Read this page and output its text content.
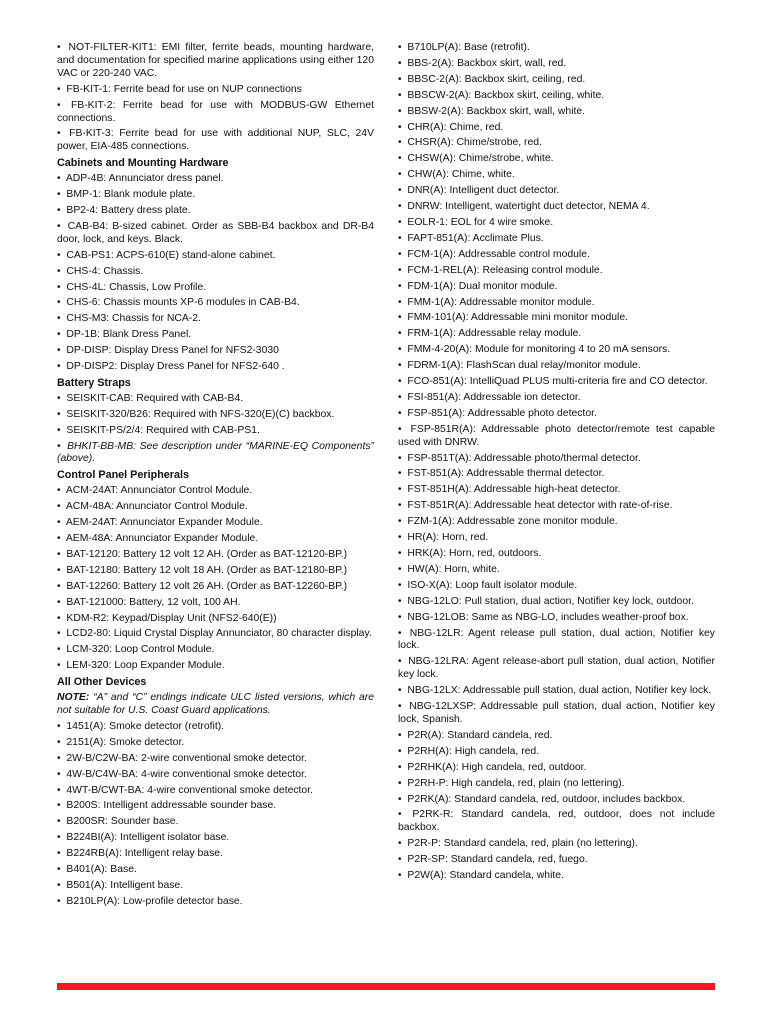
• NOT-FILTER-KIT1: EMI filter, ferrite beads, mounting hardware, and documentation for specified marine applications using either 120 VAC or 220-240 VAC.
• FB-KIT-1: Ferrite bead for use on NUP connections
• FB-KIT-2: Ferrite bead for use with MODBUS-GW Ethernet connections.
• FB-KIT-3: Ferrite bead for use with additional NUP, SLC, 24V power, EIA-485 connections.
Cabinets and Mounting Hardware
• ADP-4B: Annunciator dress panel.
• BMP-1: Blank module plate.
• BP2-4: Battery dress plate.
• CAB-B4: B-sized cabinet. Order as SBB-B4 backbox and DR-B4 door, lock, and keys. Black.
• CAB-PS1: ACPS-610(E) stand-alone cabinet.
• CHS-4: Chassis.
• CHS-4L: Chassis, Low Profile.
• CHS-6: Chassis mounts XP-6 modules in CAB-B4.
• CHS-M3: Chassis for NCA-2.
• DP-1B: Blank Dress Panel.
• DP-DISP: Display Dress Panel for NFS2-3030
• DP-DISP2: Display Dress Panel for NFS2-640 .
Battery Straps
• SEISKIT-CAB: Required with CAB-B4.
• SEISKIT-320/B26: Required with NFS-320(E)(C) backbox.
• SEISKIT-PS/2/4: Required with CAB-PS1.
• BHKIT-BB-MB: See description under “MARINE-EQ Components” (above).
Control Panel Peripherals
• ACM-24AT: Annunciator Control Module.
• ACM-48A: Annunciator Control Module.
• AEM-24AT: Annunciator Expander Module.
• AEM-48A: Annunciator Expander Module.
• BAT-12120: Battery 12 volt 12 AH. (Order as BAT-12120-BP.)
• BAT-12180: Battery 12 volt 18 AH. (Order as BAT-12180-BP.)
• BAT-12260: Battery 12 volt 26 AH. (Order as BAT-12260-BP.)
• BAT-121000: Battery, 12 volt, 100 AH.
• KDM-R2: Keypad/Display Unit (NFS2-640(E))
• LCD2-80: Liquid Crystal Display Annunciator, 80 character display.
• LCM-320: Loop Control Module.
• LEM-320: Loop Expander Module.
All Other Devices

NOTE: “A” and “C” endings indicate ULC listed versions, which are not suitable for U.S. Coast Guard applications.

• 1451(A): Smoke detector (retrofit).
• 2151(A): Smoke detector.
• 2W-B/C2W-BA: 2-wire conventional smoke detector.
• 4W-B/C4W-BA: 4-wire conventional smoke detector.
• 4WT-B/CWT-BA: 4-wire conventional smoke detector.
• B200S: Intelligent addressable sounder base.
• B200SR: Sounder base.
• B224BI(A): Intelligent isolator base.
• B224RB(A): Intelligent relay base.
• B401(A): Base.
• B501(A): Intelligent base.
• B210LP(A): Low-profile detector base.
• B710LP(A): Base (retrofit).
• BBS-2(A): Backbox skirt, wall, red.
• BBSC-2(A): Backbox skirt, ceiling, red.
• BBSCW-2(A): Backbox skirt, ceiling, white.
• BBSW-2(A): Backbox skirt, wall, white.
• CHR(A): Chime, red.
• CHSR(A): Chime/strobe, red.
• CHSW(A): Chime/strobe, white.
• CHW(A): Chime, white.
• DNR(A): Intelligent duct detector.
• DNRW: Intelligent, watertight duct detector, NEMA 4.
• EOLR-1: EOL for 4 wire smoke.
• FAPT-851(A): Acclimate Plus.
• FCM-1(A): Addressable control module.
• FCM-1-REL(A): Releasing control module.
• FDM-1(A): Dual monitor module.
• FMM-1(A): Addressable monitor module.
• FMM-101(A): Addressable mini monitor module.
• FRM-1(A): Addressable relay module.
• FMM-4-20(A): Module for monitoring 4 to 20 mA sensors.
• FDRM-1(A): FlashScan dual relay/monitor module.
• FCO-851(A): IntelliQuad PLUS multi-criteria fire and CO detector.
• FSI-851(A): Addressable ion detector.
• FSP-851(A): Addressable photo detector.
• FSP-851R(A): Addressable photo detector/remote test capable used with DNRW.
• FSP-851T(A): Addressable photo/thermal detector.
• FST-851(A): Addressable thermal detector.
• FST-851H(A): Addressable high-heat detector.
• FST-851R(A): Addressable heat detector with rate-of-rise.
• FZM-1(A): Addressable zone monitor module.
• HR(A): Horn, red.
• HRK(A): Horn, red, outdoors.
• HW(A): Horn, white.
• ISO-X(A): Loop fault isolator module.
• NBG-12LO: Pull station, dual action, Notifier key lock, outdoor.
• NBG-12LOB: Same as NBG-LO, includes weather-proof box.
• NBG-12LR: Agent release pull station, dual action, Notifier key lock.
• NBG-12LRA: Agent release-abort pull station, dual action, Notifier key lock.
• NBG-12LX: Addressable pull station, dual action, Notifier key lock.
• NBG-12LXSP: Addressable pull station, dual action, Notifier key lock, Spanish.
• P2R(A): Standard candela, red.
• P2RH(A): High candela, red.
• P2RHK(A): High candela, red, outdoor.
• P2RH-P: High candela, red, plain (no lettering).
• P2RK(A): Standard candela, red, outdoor, includes backbox.
• P2RK-R: Standard candela, red, outdoor, does not include backbox.
• P2R-P: Standard candela, red, plain (no lettering).
• P2R-SP: Standard candela, red, fuego.
• P2W(A): Standard candela, white.
